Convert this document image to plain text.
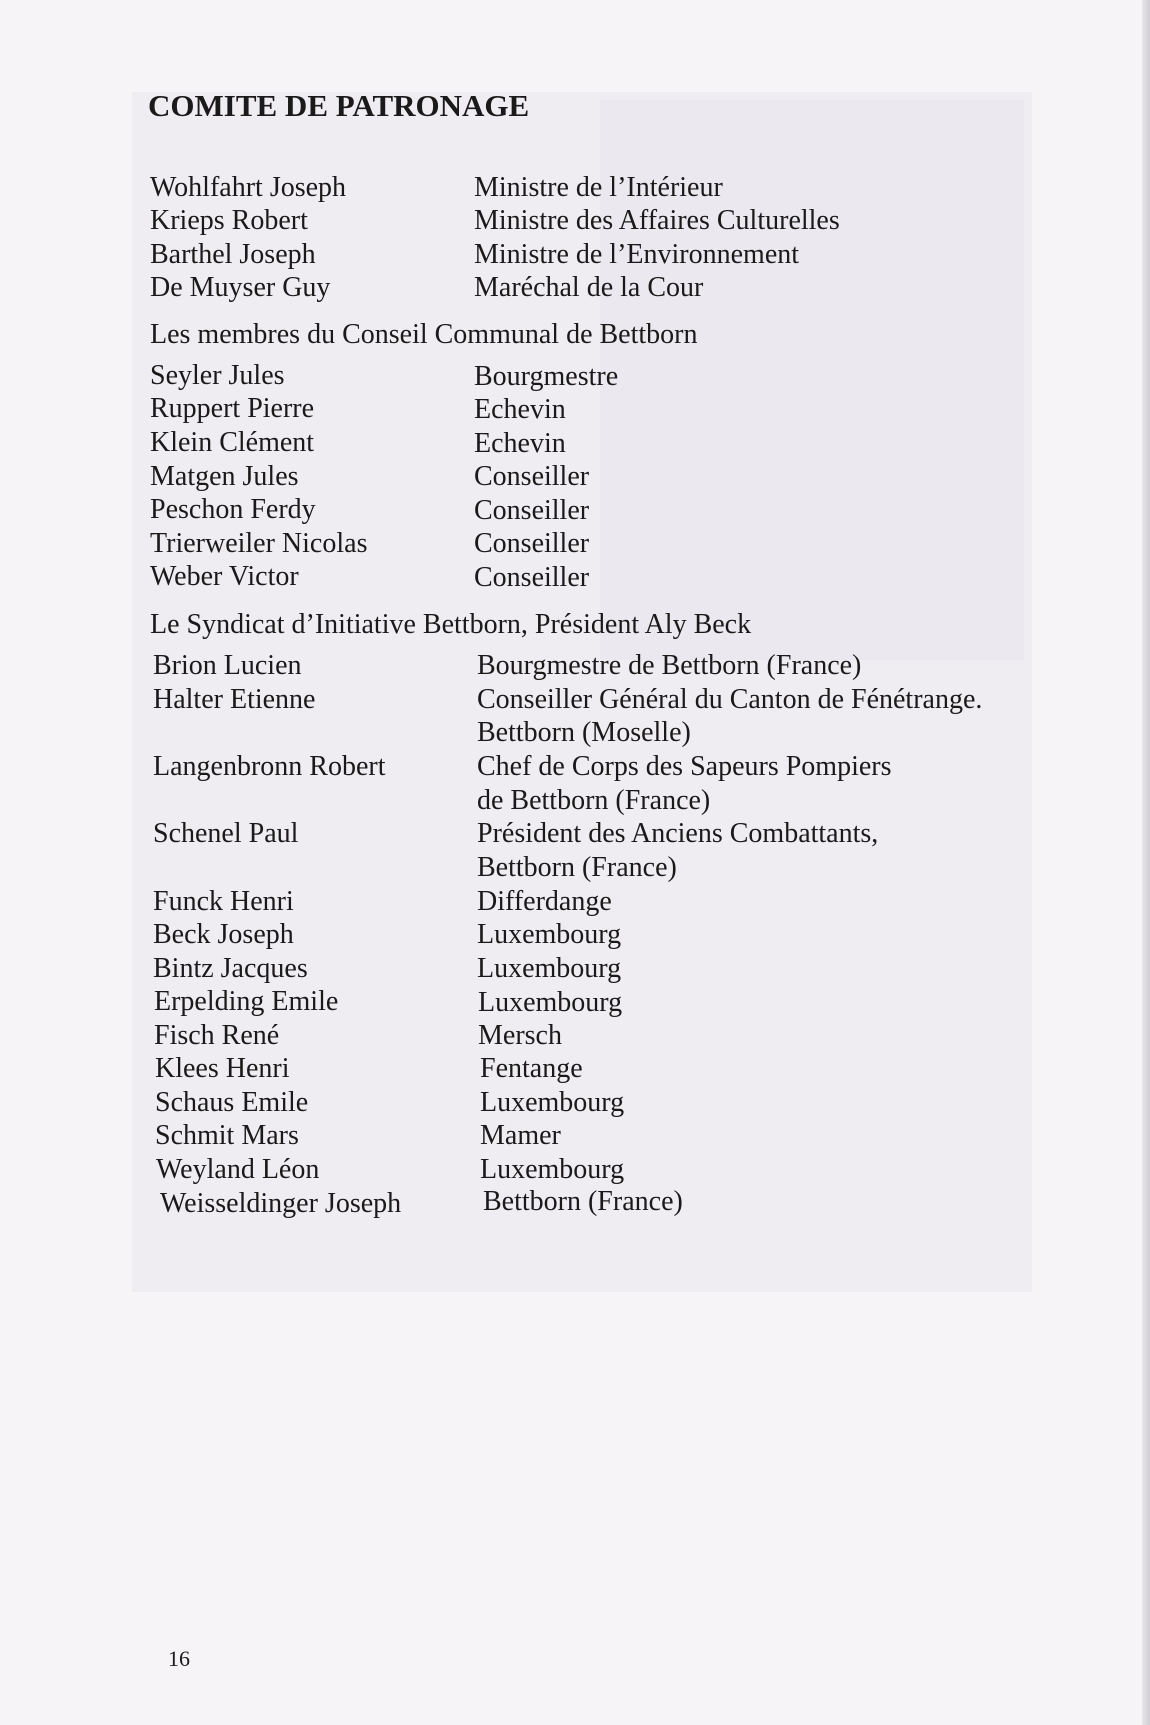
COMITE DE PATRONAGE
Wohlfahrt Joseph	Ministre de l’Intérieur
Krieps Robert	Ministre des Affaires Culturelles
Barthel Joseph	Ministre de l’Environnement
De Muyser Guy	Maréchal de la Cour
Les membres du Conseil Communal de Bettborn
Seyler Jules	Bourgmestre
Ruppert Pierre	Echevin
Klein Clément	Echevin
Matgen Jules	Conseiller
Peschon Ferdy	Conseiller
Trierweiler Nicolas	Conseiller
Weber Victor	Conseiller
Le Syndicat d’Initiative Bettborn, Président Aly Beck
Brion Lucien	Bourgmestre de Bettborn (France)
Halter Etienne	Conseiller Général du Canton de Fénétrange.
Bettborn (Moselle)
Langenbronn Robert	Chef de Corps des Sapeurs Pompiers
de Bettborn (France)
Schenel Paul	Président des Anciens Combattants,
Bettborn (France)
Funck Henri	Differdange
Beck Joseph	Luxembourg
Bintz Jacques	Luxembourg
Erpelding Emile	Luxembourg
Fisch René	Mersch
Klees Henri	Fentange
Schaus Emile	Luxembourg
Schmit Mars	Mamer
Weyland Léon	Luxembourg
Weisseldinger Joseph	Bettborn (France)
16
